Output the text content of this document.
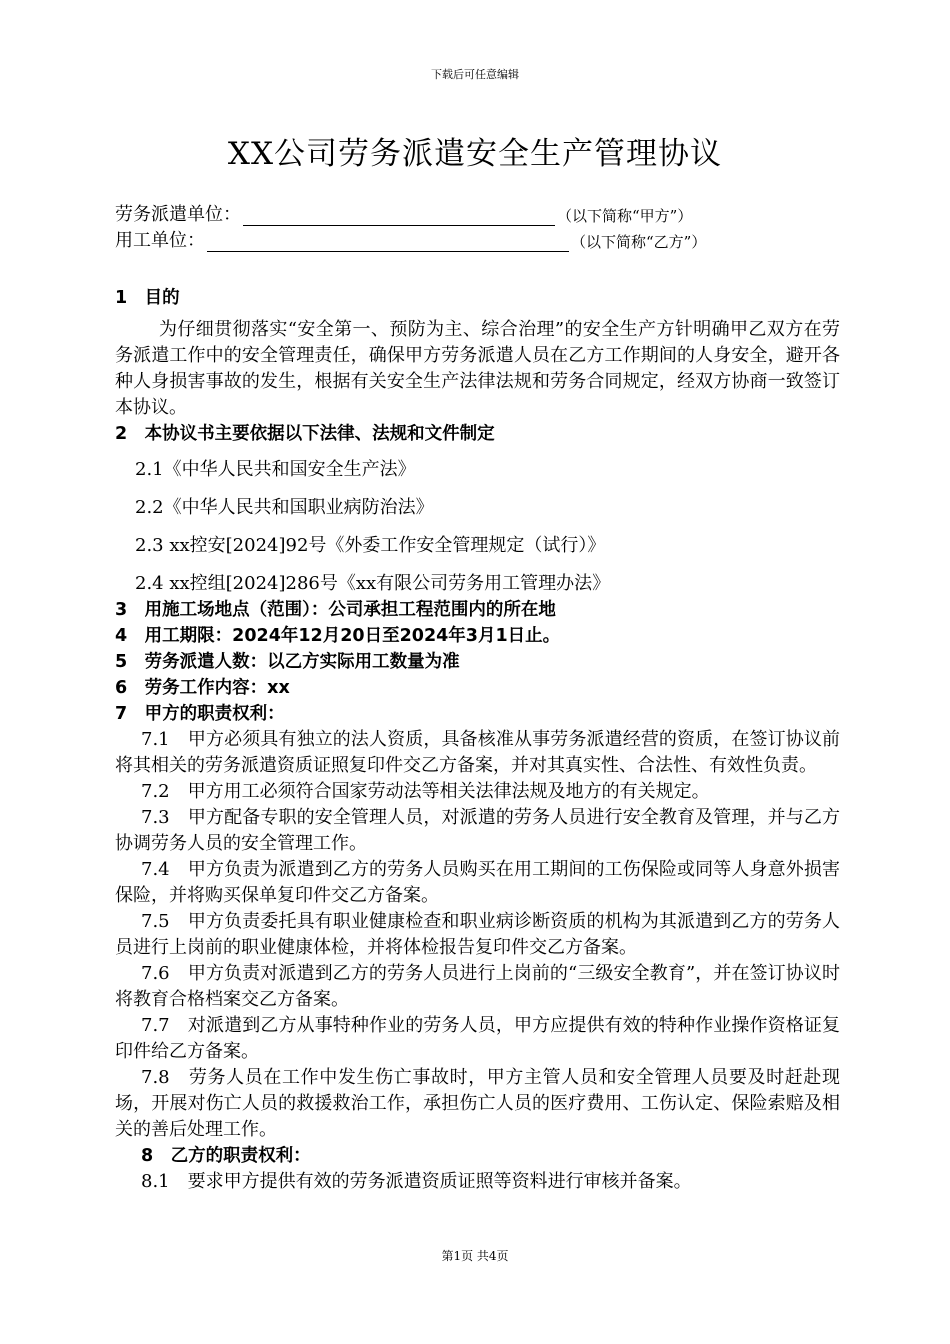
下载后可任意编辑
XX公司劳务派遣安全生产管理协议
劳务派遣单位：	（以下简称“甲方”）
用工单位：	（以下简称“乙方”）
1　目的
为仔细贯彻落实“安全第一、预防为主、综合治理”的安全生产方针明确甲乙双方在劳务派遣工作中的安全管理责任，确保甲方劳务派遣人员在乙方工作期间的人身安全，避开各种人身损害事故的发生，根据有关安全生产法律法规和劳务合同规定，经双方协商一致签订本协议。
2　本协议书主要依据以下法律、法规和文件制定
2.1《中华人民共和国安全生产法》
2.2《中华人民共和国职业病防治法》
2.3 xx控安[2024]92号《外委工作安全管理规定（试行）》
2.4 xx控组[2024]286号《xx有限公司劳务用工管理办法》
3　用施工场地点（范围）：公司承担工程范围内的所在地
4　用工期限：2024年12月20日至2024年3月1日止。
5　劳务派遣人数：以乙方实际用工数量为准
6　劳务工作内容：xx
7　甲方的职责权利：
7.1　甲方必须具有独立的法人资质，具备核准从事劳务派遣经营的资质，在签订协议前将其相关的劳务派遣资质证照复印件交乙方备案，并对其真实性、合法性、有效性负责。
7.2　甲方用工必须符合国家劳动法等相关法律法规及地方的有关规定。
7.3　甲方配备专职的安全管理人员，对派遣的劳务人员进行安全教育及管理，并与乙方协调劳务人员的安全管理工作。
7.4　甲方负责为派遣到乙方的劳务人员购买在用工期间的工伤保险或同等人身意外损害保险，并将购买保单复印件交乙方备案。
7.5　甲方负责委托具有职业健康检查和职业病诊断资质的机构为其派遣到乙方的劳务人员进行上岗前的职业健康体检，并将体检报告复印件交乙方备案。
7.6　甲方负责对派遣到乙方的劳务人员进行上岗前的“三级安全教育”，并在签订协议时将教育合格档案交乙方备案。
7.7　对派遣到乙方从事特种作业的劳务人员，甲方应提供有效的特种作业操作资格证复印件给乙方备案。
7.8　劳务人员在工作中发生伤亡事故时，甲方主管人员和安全管理人员要及时赶赴现场，开展对伤亡人员的救援救治工作，承担伤亡人员的医疗费用、工伤认定、保险索赔及相关的善后处理工作。
8　乙方的职责权利：
8.1　要求甲方提供有效的劳务派遣资质证照等资料进行审核并备案。
第1页 共4页
